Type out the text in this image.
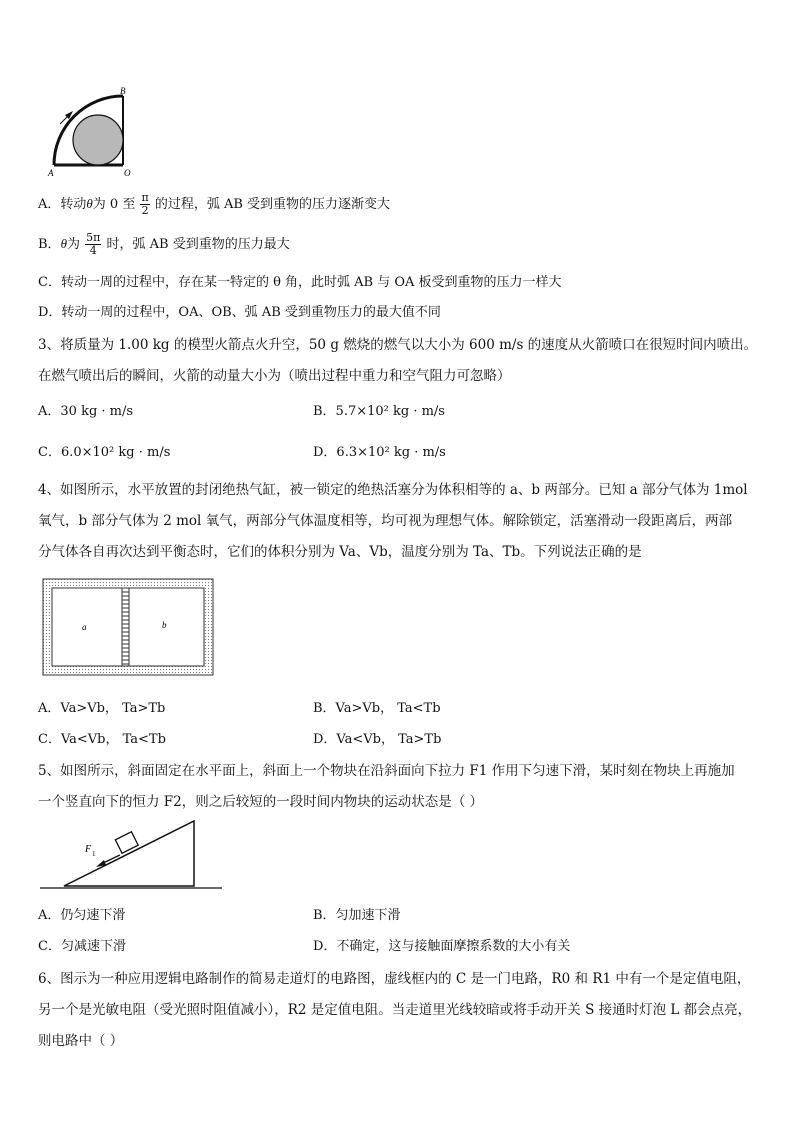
B
A	O
A．转动θ为 0 至 $\frac{\pi}{2}$ 的过程，弧 AB 受到重物的压力逐渐变大
B．θ为 $\frac{5\pi}{4}$ 时，弧 AB 受到重物的压力最大
C．转动一周的过程中，存在某一特定的 θ 角，此时弧 AB 与 OA 板受到重物的压力一样大
D．转动一周的过程中，OA、OB、弧 AB 受到重物压力的最大值不同
3、将质量为 1.00 kg 的模型火箭点火升空，50 g 燃烧的燃气以大小为 600 m/s 的速度从火箭喷口在很短时间内喷出。
在燃气喷出后的瞬间，火箭的动量大小为（喷出过程中重力和空气阻力可忽略）
A．30 kg · m/s	B．5.7×10² kg · m/s
C．6.0×10² kg · m/s	D．6.3×10² kg · m/s
4、如图所示，水平放置的封闭绝热气缸，被一锁定的绝热活塞分为体积相等的 a、b 两部分。已知 a 部分气体为 1mol
氧气，b 部分气体为 2 mol 氧气，两部分气体温度相等，均可视为理想气体。解除锁定，活塞滑动一段距离后，两部
分气体各自再次达到平衡态时，它们的体积分别为 Va、Vb，温度分别为 Ta、Tb。下列说法正确的是
a	b
A．Va>Vb， Ta>Tb	B．Va>Vb， Ta<Tb
C．Va<Vb， Ta<Tb	D．Va<Vb， Ta>Tb
5、如图所示，斜面固定在水平面上，斜面上一个物块在沿斜面向下拉力 F1 作用下匀速下滑，某时刻在物块上再施加
一个竖直向下的恒力 F2，则之后较短的一段时间内物块的运动状态是（ ）
F 1
A．仍匀速下滑	B．匀加速下滑
C．匀减速下滑	D．不确定，这与接触面摩擦系数的大小有关
6、图示为一种应用逻辑电路制作的简易走道灯的电路图，虚线框内的 C 是一门电路，R0 和 R1 中有一个是定值电阻，
另一个是光敏电阻（受光照时阻值减小），R2 是定值电阻。当走道里光线较暗或将手动开关 S 接通时灯泡 L 都会点亮，
则电路中（ ）
